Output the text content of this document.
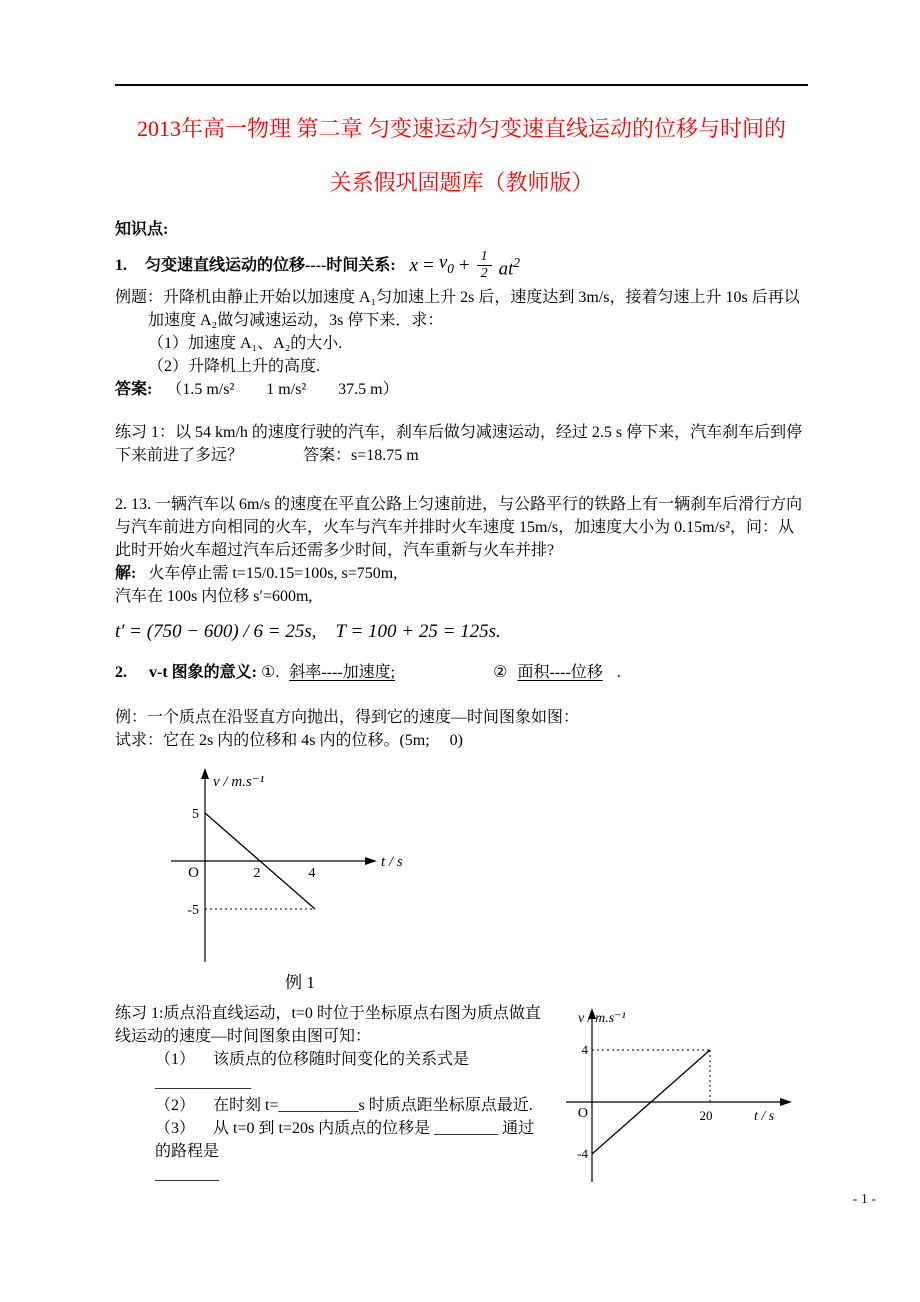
2013年高一物理 第二章 匀变速运动匀变速直线运动的位移与时间的
关系假巩固题库（教师版）
知识点:
1. 匀变速直线运动的位移----时间关系: $x = v_0 + \frac{1}{2} at^2$
例题：升降机由静止开始以加速度 A₁匀加速上升 2s 后，速度达到 3m/s，接着匀速上升 10s 后再以加速度 A₂做匀减速运动，3s 停下来．求：
（1）加速度 A₁、A₂的大小.
（2）升降机上升的高度.
答案: （1.5 m/s²　　1 m/s²　　37.5 m）
练习 1：以 54 km/h 的速度行驶的汽车，刹车后做匀减速运动，经过 2.5 s 停下来，汽车刹车后到停下来前进了多远？	答案：s=18.75 m
2. 13. 一辆汽车以 6m/s 的速度在平直公路上匀速前进，与公路平行的铁路上有一辆刹车后滑行方向与汽车前进方向相同的火车，火车与汽车并排时火车速度 15m/s，加速度大小为 0.15m/s²，问：从此时开始火车超过汽车后还需多少时间，汽车重新与火车并排?
解: 火车停止需 t=15/0.15=100s, s=750m,
汽车在 100s 内位移 s′=600m,
t′ = (750 − 600) / 6 = 25s,　T = 100 + 25 = 125s.
2. v-t 图象的意义: ①. 斜率----加速度;	② 面积----位移 .
例：一个质点在沿竖直方向抛出，得到它的速度—时间图象如图：
试求：它在 2s 内的位移和 4s 内的位移。(5m;　 0)
v / m.s⁻¹
5
O	2	4
-5
t / s
例 1
练习 1:质点沿直线运动，t=0 时位于坐标原点右图为质点做直线运动的速度—时间图象由图可知：
（1） 该质点的位移随时间变化的关系式是____________
（2） 在时刻 t=__________s 时质点距坐标原点最近.
（3） 从 t=0 到 t=20s 内质点的位移是 ________ 通过的路程是
________
v / m.s⁻¹
4
O	20	t / s
-4
- 1 -
